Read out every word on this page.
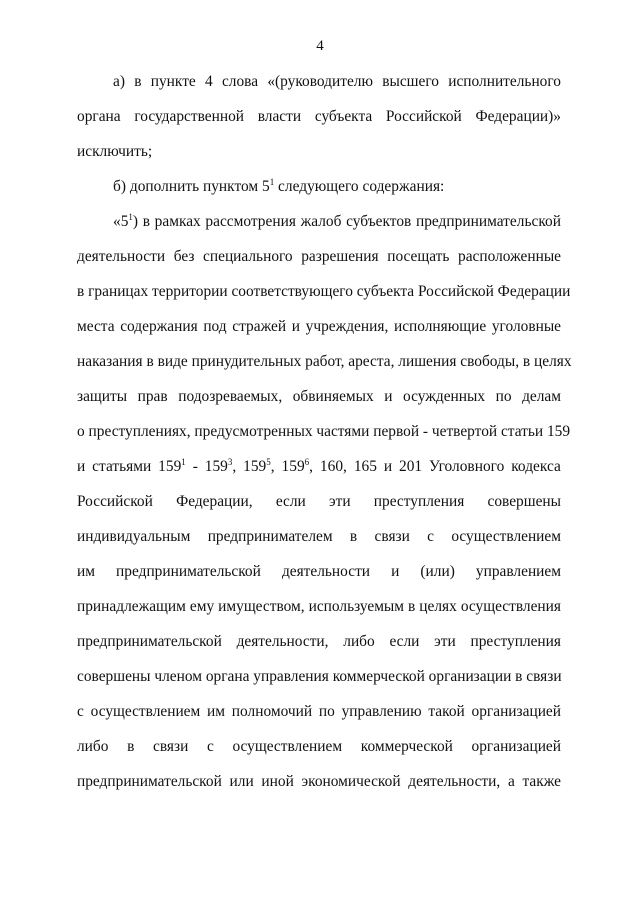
4
а) в пункте 4 слова «(руководителю высшего исполнительного
органа государственной власти субъекта Российской Федерации)»
исключить;
б) дополнить пунктом $5^1$ следующего содержания:
«$5^1$) в рамках рассмотрения жалоб субъектов предпринимательской
деятельности без специального разрешения посещать расположенные
в границах территории соответствующего субъекта Российской Федерации
места содержания под стражей и учреждения, исполняющие уголовные
наказания в виде принудительных работ, ареста, лишения свободы, в целях
защиты прав подозреваемых, обвиняемых и осужденных по делам
о преступлениях, предусмотренных частями первой - четвертой статьи 159
и статьями $159^1 - 159^3$, $159^5$, $159^6$, 160, 165 и 201 Уголовного кодекса
Российской Федерации, если эти преступления совершены
индивидуальным предпринимателем в связи с осуществлением
им предпринимательской деятельности и (или) управлением
принадлежащим ему имуществом, используемым в целях осуществления
предпринимательской деятельности, либо если эти преступления
совершены членом органа управления коммерческой организации в связи
с осуществлением им полномочий по управлению такой организацией
либо в связи с осуществлением коммерческой организацией
предпринимательской или иной экономической деятельности, а также
